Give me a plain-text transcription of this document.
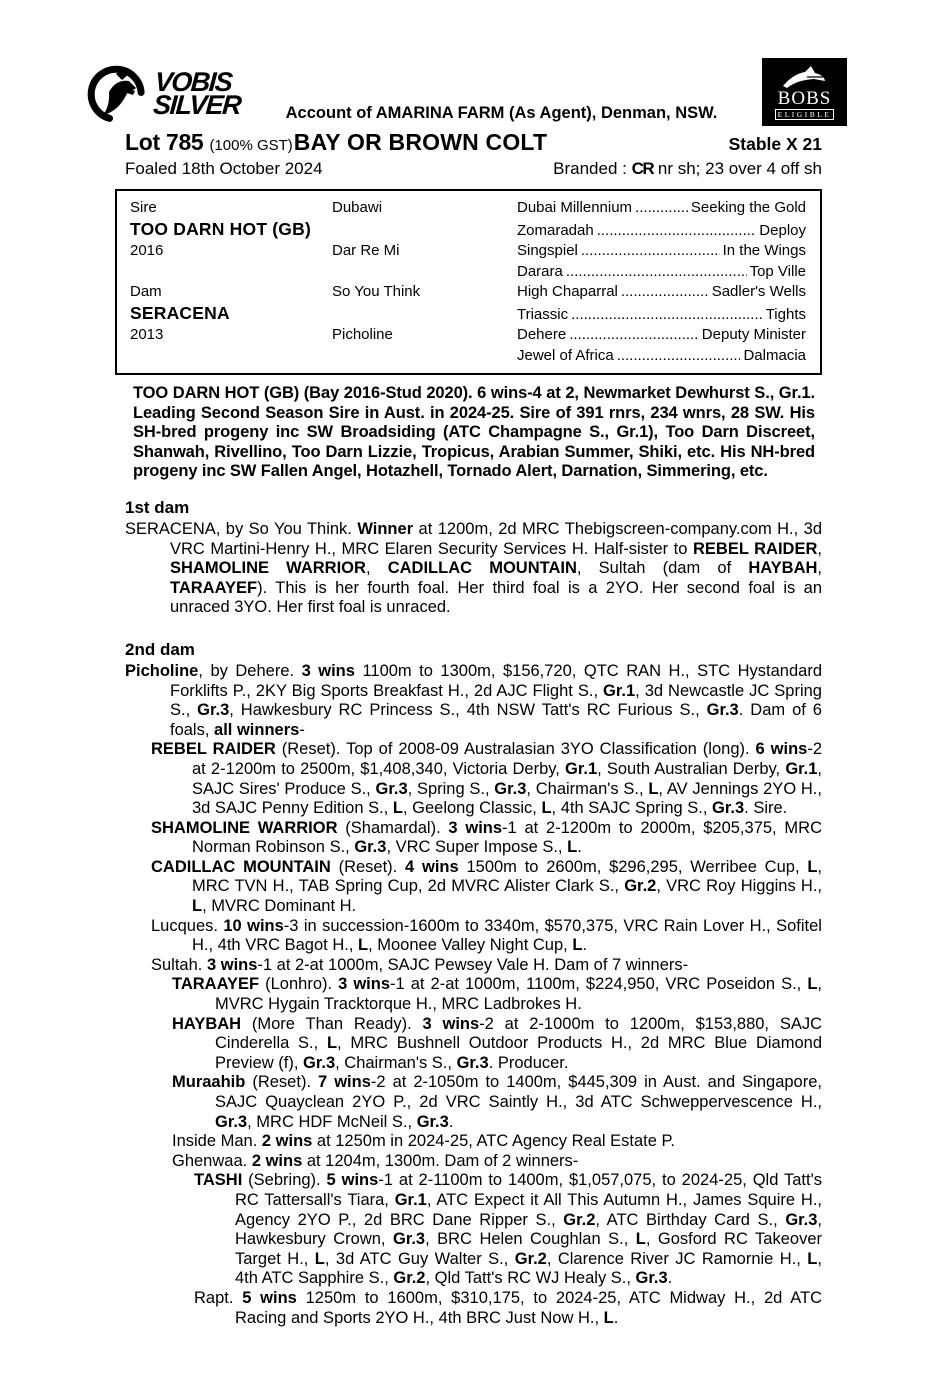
VOBIS
SILVER	Account of AMARINA FARM (As Agent), Denman, NSW.
BOBS
ELIGIBLE
Lot 785 (100% GST) BAY OR BROWN COLT	Stable X 21
Foaled 18th October 2024	Branded : CR nr sh; 23 over 4 off sh
Sire	Dubawi	Dubai Millennium .....	Seeking the Gold
TOO DARN HOT (GB)	Zomaradah .....	Deploy
2016	Dar Re Mi	Singspiel .....	In the Wings
Darara .....	Top Ville
Dam	So You Think	High Chaparral .....	Sadler's Wells
SERACENA	Triassic .....	Tights
2013	Picholine	Dehere .....	Deputy Minister
Jewel of Africa .....	Dalmacia

TOO DARN HOT (GB) (Bay 2016-Stud 2020). 6 wins-4 at 2, Newmarket Dewhurst S., Gr.1. Leading Second Season Sire in Aust. in 2024-25. Sire of 391 rnrs, 234 wnrs, 28 SW. His SH-bred progeny inc SW Broadsiding (ATC Champagne S., Gr.1), Too Darn Discreet, Shanwah, Rivellino, Too Darn Lizzie, Tropicus, Arabian Summer, Shiki, etc. His NH-bred progeny inc SW Fallen Angel, Hotazhell, Tornado Alert, Darnation, Simmering, etc.

1st dam

SERACENA, by So You Think. Winner at 1200m, 2d MRC Thebigscreen-company.com H., 3d VRC Martini-Henry H., MRC Elaren Security Services H. Half-sister to REBEL RAIDER, SHAMOLINE WARRIOR, CADILLAC MOUNTAIN, Sultah (dam of HAYBAH, TARAAYEF). This is her fourth foal. Her third foal is a 2YO. Her second foal is an unraced 3YO. Her first foal is unraced.

2nd dam

Picholine, by Dehere. 3 wins 1100m to 1300m, $156,720, QTC RAN H., STC Hystandard Forklifts P., 2KY Big Sports Breakfast H., 2d AJC Flight S., Gr.1, 3d Newcastle JC Spring S., Gr.3, Hawkesbury RC Princess S., 4th NSW Tatt's RC Furious S., Gr.3. Dam of 6 foals, all winners-

REBEL RAIDER (Reset). Top of 2008-09 Australasian 3YO Classification (long). 6 wins-2 at 2-1200m to 2500m, $1,408,340, Victoria Derby, Gr.1, South Australian Derby, Gr.1, SAJC Sires' Produce S., Gr.3, Spring S., Gr.3, Chairman's S., L, AV Jennings 2YO H., 3d SAJC Penny Edition S., L, Geelong Classic, L, 4th SAJC Spring S., Gr.3. Sire.

SHAMOLINE WARRIOR (Shamardal). 3 wins-1 at 2-1200m to 2000m, $205,375, MRC Norman Robinson S., Gr.3, VRC Super Impose S., L.

CADILLAC MOUNTAIN (Reset). 4 wins 1500m to 2600m, $296,295, Werribee Cup, L, MRC TVN H., TAB Spring Cup, 2d MVRC Alister Clark S., Gr.2, VRC Roy Higgins H., L, MVRC Dominant H.

Lucques. 10 wins-3 in succession-1600m to 3340m, $570,375, VRC Rain Lover H., Sofitel H., 4th VRC Bagot H., L, Moonee Valley Night Cup, L.

Sultah. 3 wins-1 at 2-at 1000m, SAJC Pewsey Vale H. Dam of 7 winners-

TARAAYEF (Lonhro). 3 wins-1 at 2-at 1000m, 1100m, $224,950, VRC Poseidon S., L, MVRC Hygain Tracktorque H., MRC Ladbrokes H.

HAYBAH (More Than Ready). 3 wins-2 at 2-1000m to 1200m, $153,880, SAJC Cinderella S., L, MRC Bushnell Outdoor Products H., 2d MRC Blue Diamond Preview (f), Gr.3, Chairman's S., Gr.3. Producer.

Muraahib (Reset). 7 wins-2 at 2-1050m to 1400m, $445,309 in Aust. and Singapore, SAJC Quayclean 2YO P., 2d VRC Saintly H., 3d ATC Schweppervescence H., Gr.3, MRC HDF McNeil S., Gr.3.

Inside Man. 2 wins at 1250m in 2024-25, ATC Agency Real Estate P.

Ghenwaa. 2 wins at 1204m, 1300m. Dam of 2 winners-

TASHI (Sebring). 5 wins-1 at 2-1100m to 1400m, $1,057,075, to 2024-25, Qld Tatt's RC Tattersall's Tiara, Gr.1, ATC Expect it All This Autumn H., James Squire H., Agency 2YO P., 2d BRC Dane Ripper S., Gr.2, ATC Birthday Card S., Gr.3, Hawkesbury Crown, Gr.3, BRC Helen Coughlan S., L, Gosford RC Takeover Target H., L, 3d ATC Guy Walter S., Gr.2, Clarence River JC Ramornie H., L, 4th ATC Sapphire S., Gr.2, Qld Tatt's RC WJ Healy S., Gr.3.

Rapt. 5 wins 1250m to 1600m, $310,175, to 2024-25, ATC Midway H., 2d ATC Racing and Sports 2YO H., 4th BRC Just Now H., L.
